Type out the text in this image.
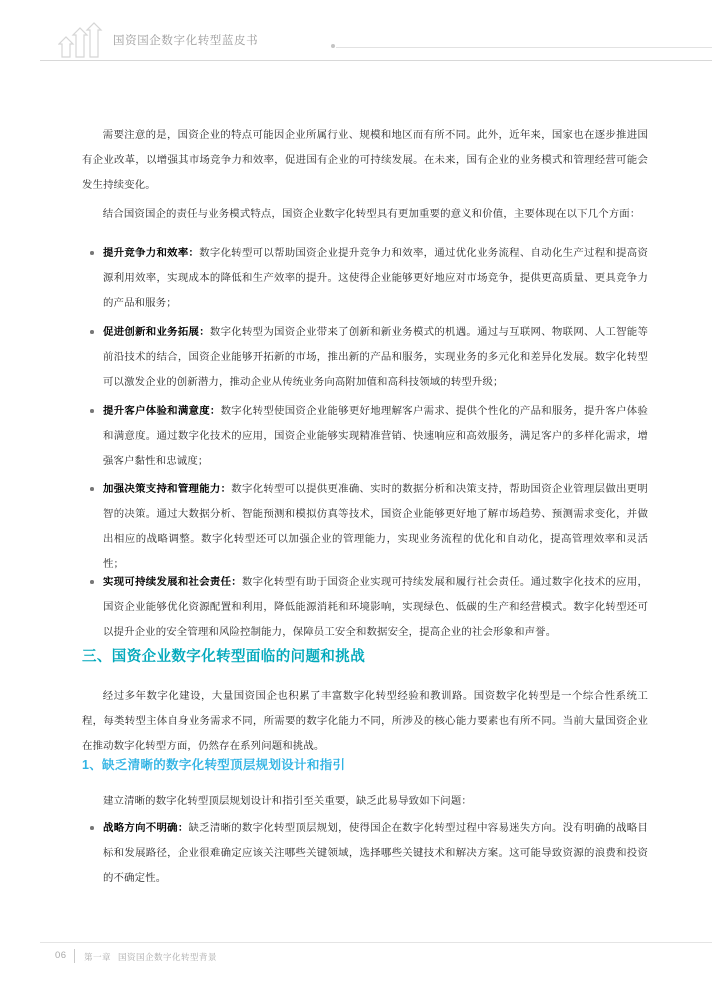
国资国企数字化转型蓝皮书
需要注意的是，国资企业的特点可能因企业所属行业、规模和地区而有所不同。此外，近年来，国家也在逐步推进国有企业改革，以增强其市场竞争力和效率，促进国有企业的可持续发展。在未来，国有企业的业务模式和管理经营可能会发生持续变化。
结合国资国企的责任与业务模式特点，国资企业数字化转型具有更加重要的意义和价值，主要体现在以下几个方面：
提升竞争力和效率：数字化转型可以帮助国资企业提升竞争力和效率，通过优化业务流程、自动化生产过程和提高资源利用效率，实现成本的降低和生产效率的提升。这使得企业能够更好地应对市场竞争，提供更高质量、更具竞争力的产品和服务；
促进创新和业务拓展：数字化转型为国资企业带来了创新和新业务模式的机遇。通过与互联网、物联网、人工智能等前沿技术的结合，国资企业能够开拓新的市场，推出新的产品和服务，实现业务的多元化和差异化发展。数字化转型可以激发企业的创新潜力，推动企业从传统业务向高附加值和高科技领域的转型升级；
提升客户体验和满意度：数字化转型使国资企业能够更好地理解客户需求、提供个性化的产品和服务，提升客户体验和满意度。通过数字化技术的应用，国资企业能够实现精准营销、快速响应和高效服务，满足客户的多样化需求，增强客户黏性和忠诚度；
加强决策支持和管理能力：数字化转型可以提供更准确、实时的数据分析和决策支持，帮助国资企业管理层做出更明智的决策。通过大数据分析、智能预测和模拟仿真等技术，国资企业能够更好地了解市场趋势、预测需求变化，并做出相应的战略调整。数字化转型还可以加强企业的管理能力，实现业务流程的优化和自动化，提高管理效率和灵活性；
实现可持续发展和社会责任：数字化转型有助于国资企业实现可持续发展和履行社会责任。通过数字化技术的应用，国资企业能够优化资源配置和利用，降低能源消耗和环境影响，实现绿色、低碳的生产和经营模式。数字化转型还可以提升企业的安全管理和风险控制能力，保障员工安全和数据安全，提高企业的社会形象和声誉。
三、国资企业数字化转型面临的问题和挑战
经过多年数字化建设，大量国资国企也积累了丰富数字化转型经验和教训路。国资数字化转型是一个综合性系统工程，每类转型主体自身业务需求不同，所需要的数字化能力不同，所涉及的核心能力要素也有所不同。当前大量国资企业在推动数字化转型方面，仍然存在系列问题和挑战。
1、缺乏清晰的数字化转型顶层规划设计和指引
建立清晰的数字化转型顶层规划设计和指引至关重要，缺乏此易导致如下问题：
战略方向不明确：缺乏清晰的数字化转型顶层规划，使得国企在数字化转型过程中容易迷失方向。没有明确的战略目标和发展路径，企业很难确定应该关注哪些关键领域，选择哪些关键技术和解决方案。这可能导致资源的浪费和投资的不确定性。
06 第一章 国资国企数字化转型背景
